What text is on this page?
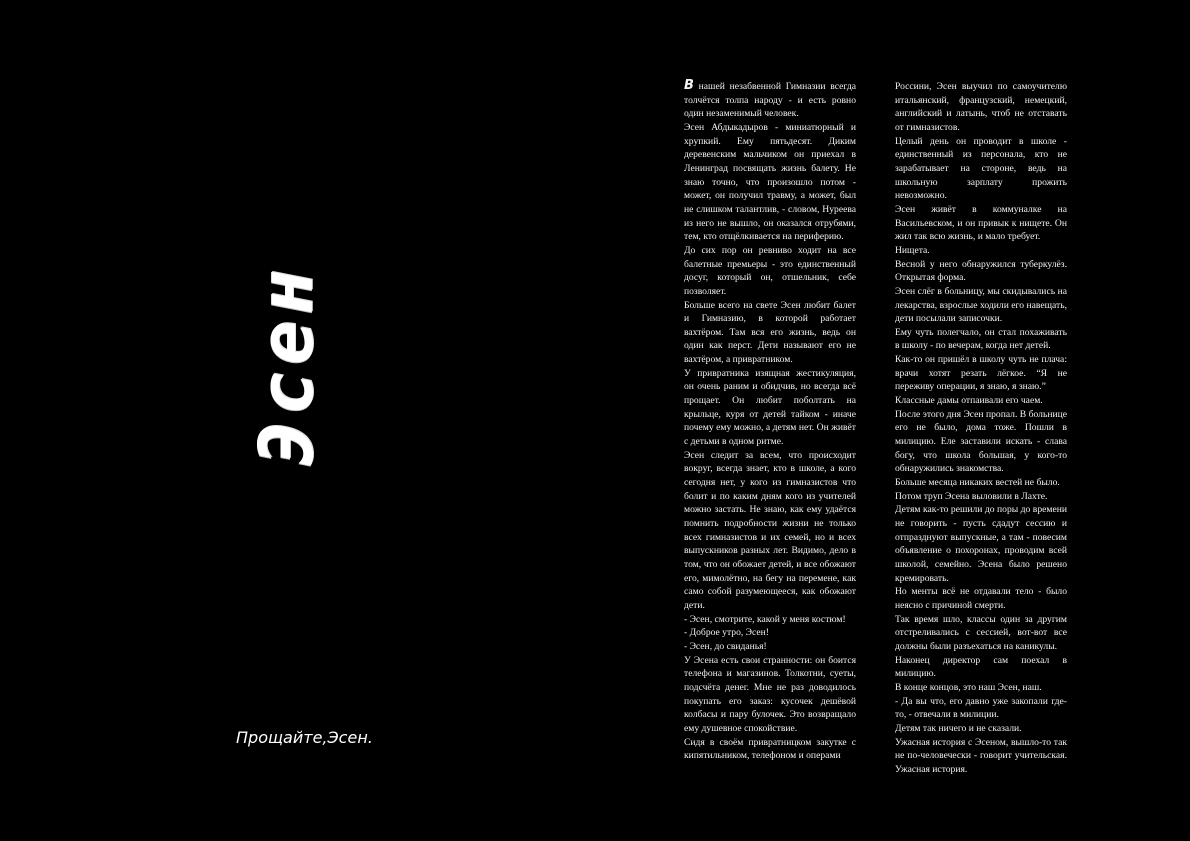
Эсен
Прощайте,Эсен.

В нашей незабвенной Гимназии всегда толчётся толпа народу - и есть ровно один незаменимый человек.

Эсен Абдыкадыров - миниатюрный и хрупкий. Ему пятьдесят. Диким деревенским мальчиком он приехал в Ленинград посвящать жизнь балету. Не знаю точно, что произошло потом - может, он получил травму, а может, был не слишком талантлив, - словом, Нуреева из него не вышло, он оказался отрубями, тем, кто отщёлкивается на периферию.

До сих пор он ревниво ходит на все балетные премьеры - это единственный досуг, который он, отшельник, себе позволяет.

Больше всего на свете Эсен любит балет и Гимназию, в которой работает вахтёром. Там вся его жизнь, ведь он один как перст. Дети называют его не вахтёром, а привратником.

У привратника изящная жестикуляция, он очень раним и обидчив, но всегда всё прощает. Он любит поболтать на крыльце, куря от детей тайком - иначе почему ему можно, а детям нет. Он живёт с детьми в одном ритме.

Эсен следит за всем, что происходит вокруг, всегда знает, кто в школе, а кого сегодня нет, у кого из гимназистов что болит и по каким дням кого из учителей можно застать. Не знаю, как ему удаётся помнить подробности жизни не только всех гимназистов и их семей, но и всех выпускников разных лет. Видимо, дело в том, что он обожает детей, и все обожают его, мимолётно, на бегу на перемене, как само собой разумеющееся, как обожают дети.

- Эсен, смотрите, какой у меня костюм!

- Доброе утро, Эсен!

- Эсен, до свиданья!

У Эсена есть свои странности: он боится телефона и магазинов. Толкотни, суеты, подсчёта денег. Мне не раз доводилось покупать его заказ: кусочек дешёвой колбасы и пару булочек. Это возвращало ему душевное спокойствие.

Сидя в своём привратницком закутке с кипятильником, телефоном и операми

Россини, Эсен выучил по самоучителю итальянский, французский, немецкий, английский и латынь, чтоб не отставать от гимназистов.

Целый день он проводит в школе - единственный из персонала, кто не зарабатывает на стороне, ведь на школьную зарплату прожить невозможно.

Эсен живёт в коммуналке на Васильевском, и он привык к нищете. Он жил так всю жизнь, и мало требует.

Нищета.

Весной у него обнаружился туберкулёз. Открытая форма.

Эсен слёг в больницу, мы скидывались на лекарства, взрослые ходили его навещать, дети посылали записочки.

Ему чуть полегчало, он стал похаживать в школу - по вечерам, когда нет детей.

Как-то он пришёл в школу чуть не плача: врачи хотят резать лёгкое. “Я не переживу операции, я знаю, я знаю.”

Классные дамы отпаивали его чаем.

После этого дня Эсен пропал. В больнице его не было, дома тоже. Пошли в милицию. Еле заставили искать - слава богу, что школа большая, у кого-то обнаружились знакомства.

Больше месяца никаких вестей не было.

Потом труп Эсена выловили в Лахте.

Детям как-то решили до поры до времени не говорить - пусть сдадут сессию и отпразднуют выпускные, а там - повесим объявление о похоронах, проводим всей школой, семейно. Эсена было решено кремировать.

Но менты всё не отдавали тело - было неясно с причиной смерти.

Так время шло, классы один за другим отстреливались с сессией, вот-вот все должны были разъехаться на каникулы.

Наконец директор сам поехал в милицию.

В конце концов, это наш Эсен, наш.

- Да вы что, его давно уже закопали где-то, - отвечали в милиции.

Детям так ничего и не сказали.

Ужасная история с Эсеном, вышло-то так не по-человечески - говорит учительская. Ужасная история.
